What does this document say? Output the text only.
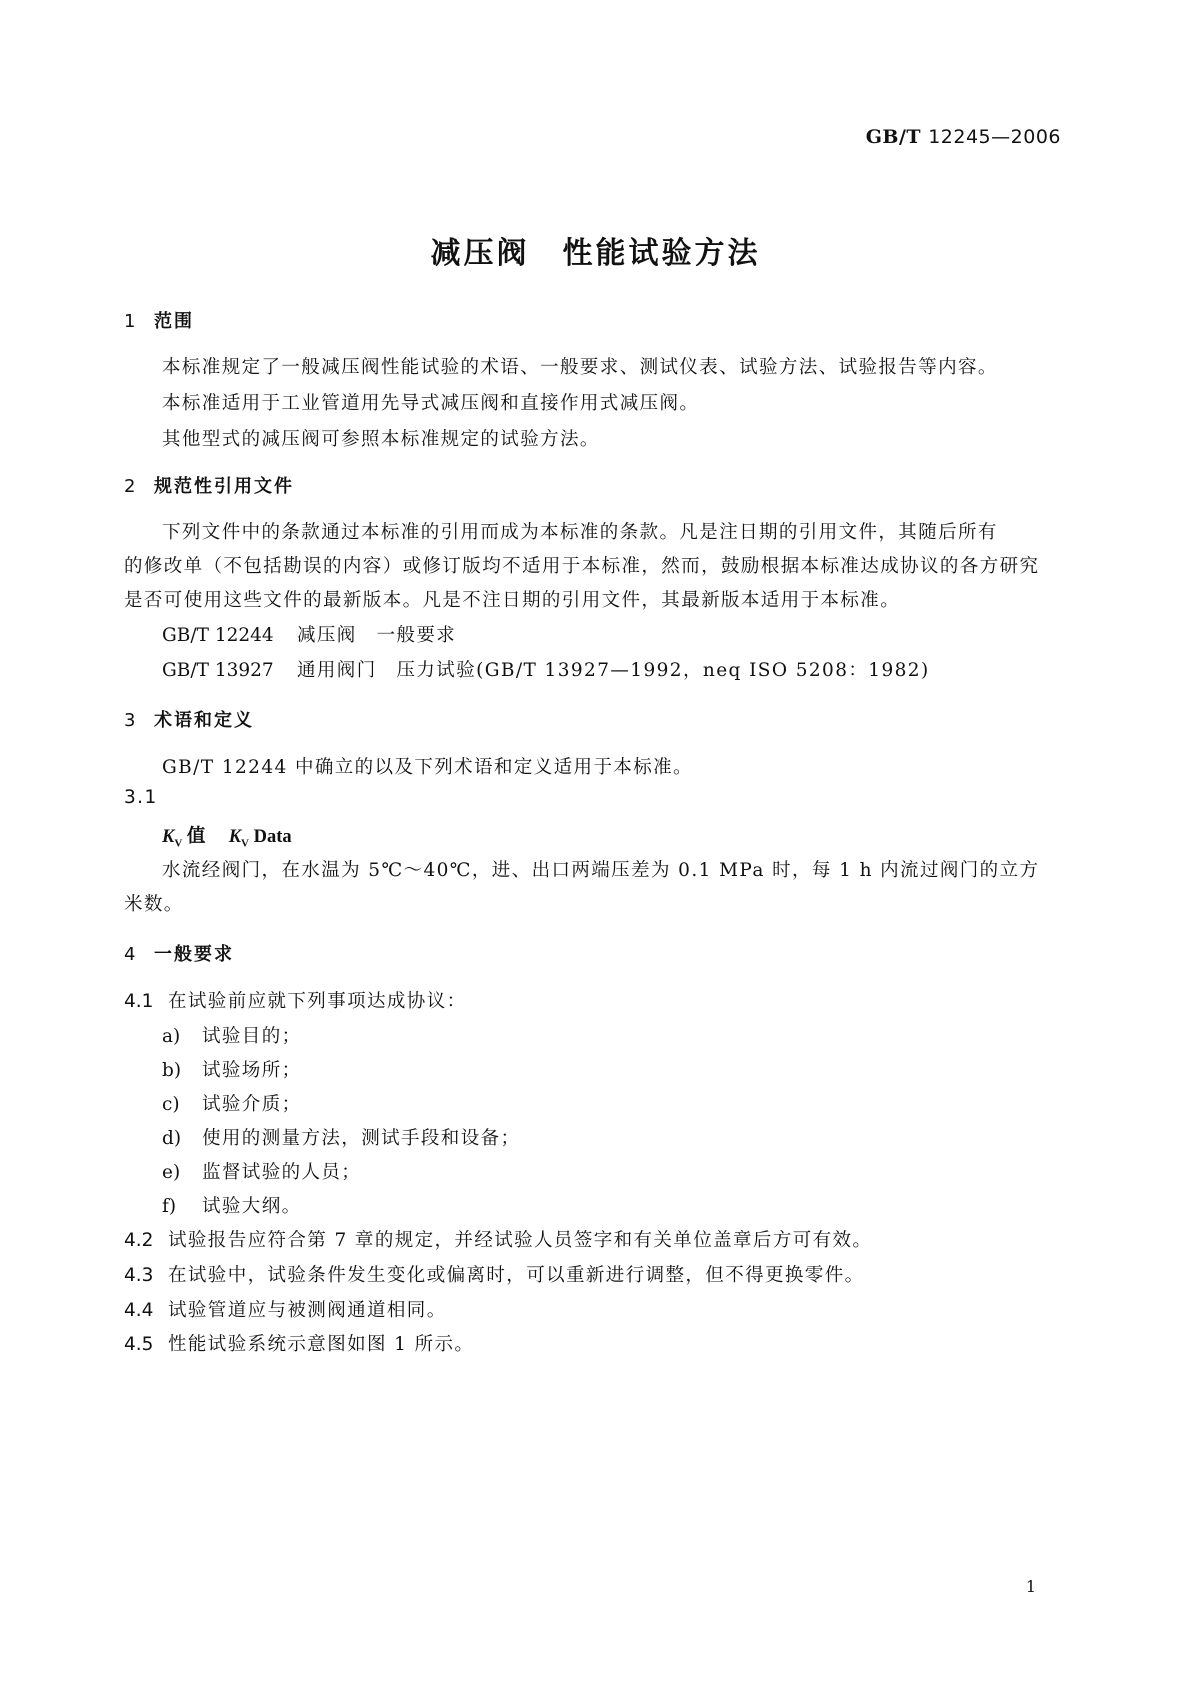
GB/T 12245—2006
减压阀　性能试验方法
1 范围
本标准规定了一般减压阀性能试验的术语、一般要求、测试仪表、试验方法、试验报告等内容。
本标准适用于工业管道用先导式减压阀和直接作用式减压阀。
其他型式的减压阀可参照本标准规定的试验方法。
2 规范性引用文件
下列文件中的条款通过本标准的引用而成为本标准的条款。凡是注日期的引用文件，其随后所有
的修改单（不包括勘误的内容）或修订版均不适用于本标准，然而，鼓励根据本标准达成协议的各方研究
是否可使用这些文件的最新版本。凡是不注日期的引用文件，其最新版本适用于本标准。
GB/T 12244 减压阀　一般要求
GB/T 13927 通用阀门　压力试验(GB/T 13927—1992，neq ISO 5208：1982)
3 术语和定义
GB/T 12244 中确立的以及下列术语和定义适用于本标准。
3.1
$K_V$ 值 $K_V$ Data
水流经阀门，在水温为 5℃～40℃，进、出口两端压差为 0.1 MPa 时，每 1 h 内流过阀门的立方
米数。
4 一般要求
4.1 在试验前应就下列事项达成协议：
a) 试验目的；
b) 试验场所；
c) 试验介质；
d) 使用的测量方法，测试手段和设备；
e) 监督试验的人员；
f) 试验大纲。
4.2 试验报告应符合第 7 章的规定，并经试验人员签字和有关单位盖章后方可有效。
4.3 在试验中，试验条件发生变化或偏离时，可以重新进行调整，但不得更换零件。
4.4 试验管道应与被测阀通道相同。
4.5 性能试验系统示意图如图 1 所示。
1
